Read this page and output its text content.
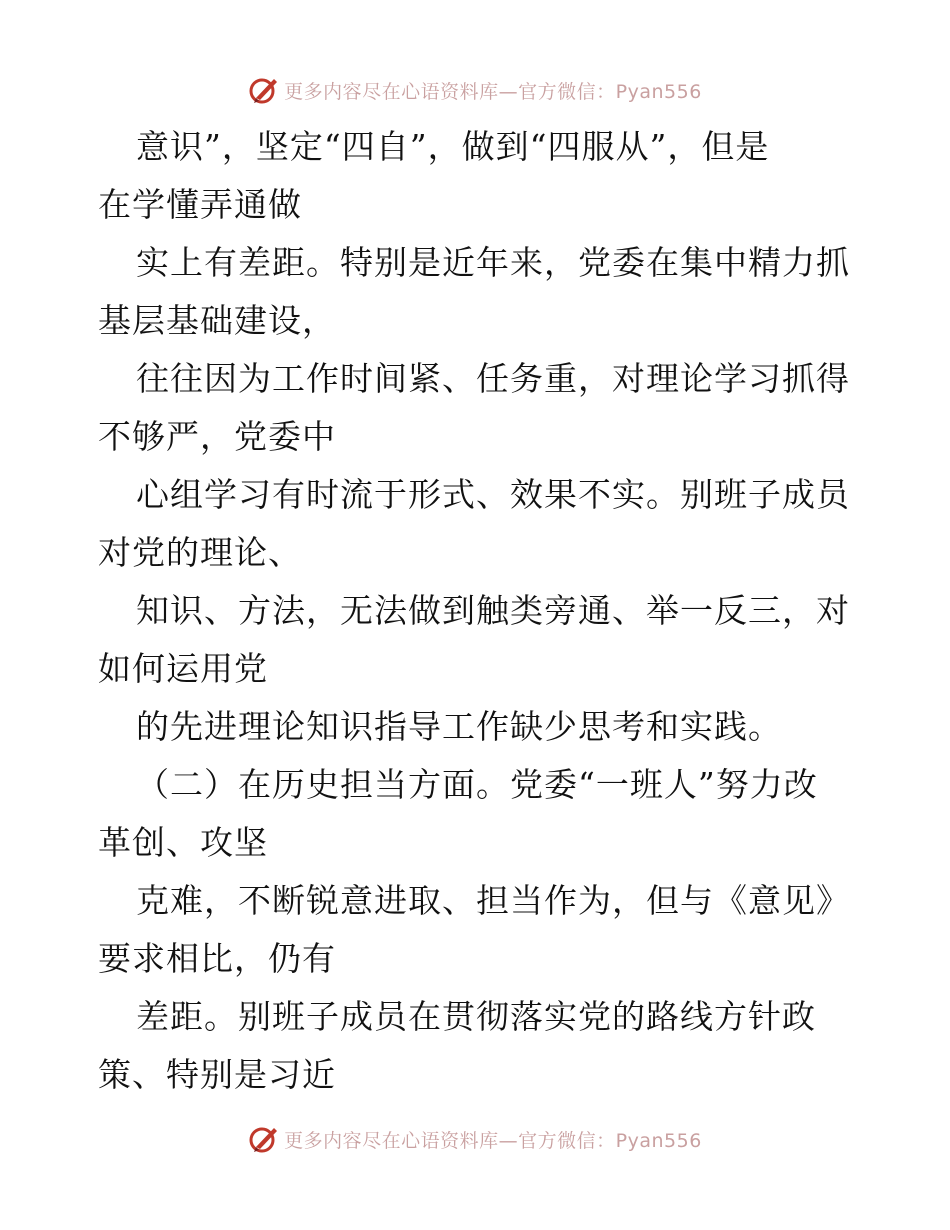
更多内容尽在心语资料库—官方微信：Pyan556
意识”，坚定“四自”，做到“四服从”，但是
在学懂弄通做
实上有差距。特别是近年来，党委在集中精力抓
基层基础建设，
往往因为工作时间紧、任务重，对理论学习抓得
不够严，党委中
心组学习有时流于形式、效果不实。别班子成员
对党的理论、
知识、方法，无法做到触类旁通、举一反三，对
如何运用党
的先进理论知识指导工作缺少思考和实践。
（二）在历史担当方面。党委“一班人”努力改
革创、攻坚
克难，不断锐意进取、担当作为，但与《意见》
要求相比，仍有
差距。别班子成员在贯彻落实党的路线方针政
策、特别是习近
更多内容尽在心语资料库—官方微信：Pyan556
